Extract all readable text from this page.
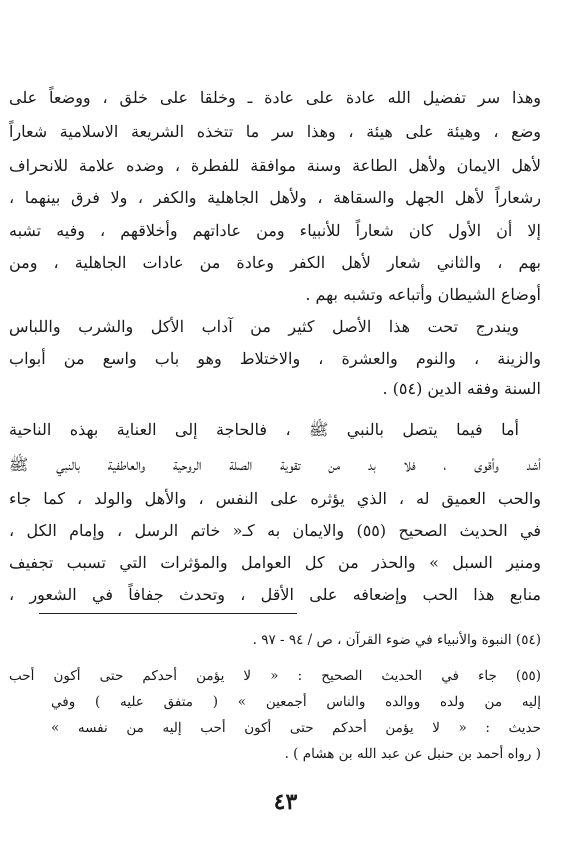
وهذا سر تفضيل الله عادة على عادة ـ وخلقا على خلق ، ووضعاً على
وضع ، وهيئة على هيئة ، وهذا سر ما تتخذه الشريعة الاسلامية شعاراً
لأهل الايمان ولأهل الطاعة وسنة موافقة للفطرة ، وضده علامة للانحراف
رشعاراً لأهل الجهل والسقاهة ، ولأهل الجاهلية والكفر ، ولا فرق بينهما ،
إلا أن الأول كان شعاراً للأنبياء ومن عاداتهم وأخلاقهم ، وفيه تشبه
بهم ، والثاني شعار لأهل الكفر وعادة من عادات الجاهلية ، ومن
أوضاع الشيطان وأتباعه وتشبه بهم .
ويندرج تحت هذا الأصل كثير من آداب الأكل والشرب واللباس
والزينة ، والنوم والعشرة ، والاختلاط وهو باب واسع من أبواب
السنة وفقه الدين (٥٤) .
أما فيما يتصل بالنبي ﷺ ، فالحاجة إلى العناية بهذه الناحية
أشد وأقوى ، فلا بد من تقوية الصلة الروحية والعاطفية بالنبي ﷺ
والحب العميق له ، الذي يؤثره على النفس ، والأهل والولد ، كما جاء
في الحديث الصحيح (٥٥) والايمان به كـ« خاتم الرسل ، وإمام الكل ،
ومنير السبل » والحذر من كل العوامل والمؤثرات التي تسبب تجفيف
منابع هذا الحب وإضعافه على الأقل ، وتحدث جفافاً في الشعور ،
(٥٤) النبوة والأنبياء في ضوء القرآن ، ص / ٩٤ - ٩٧ .
(٥٥) جاء في الحديث الصحيح : « لا يؤمن أحدكم حتى أكون أحب
إليه من ولده ووالده والناس أجمعين » ( متفق عليه ) وفي
حديث : « لا يؤمن أحدكم حتى أكون أحب إليه من نفسه »
( رواه أحمد بن حنبل عن عبد الله بن هشام ) .
٤٣
